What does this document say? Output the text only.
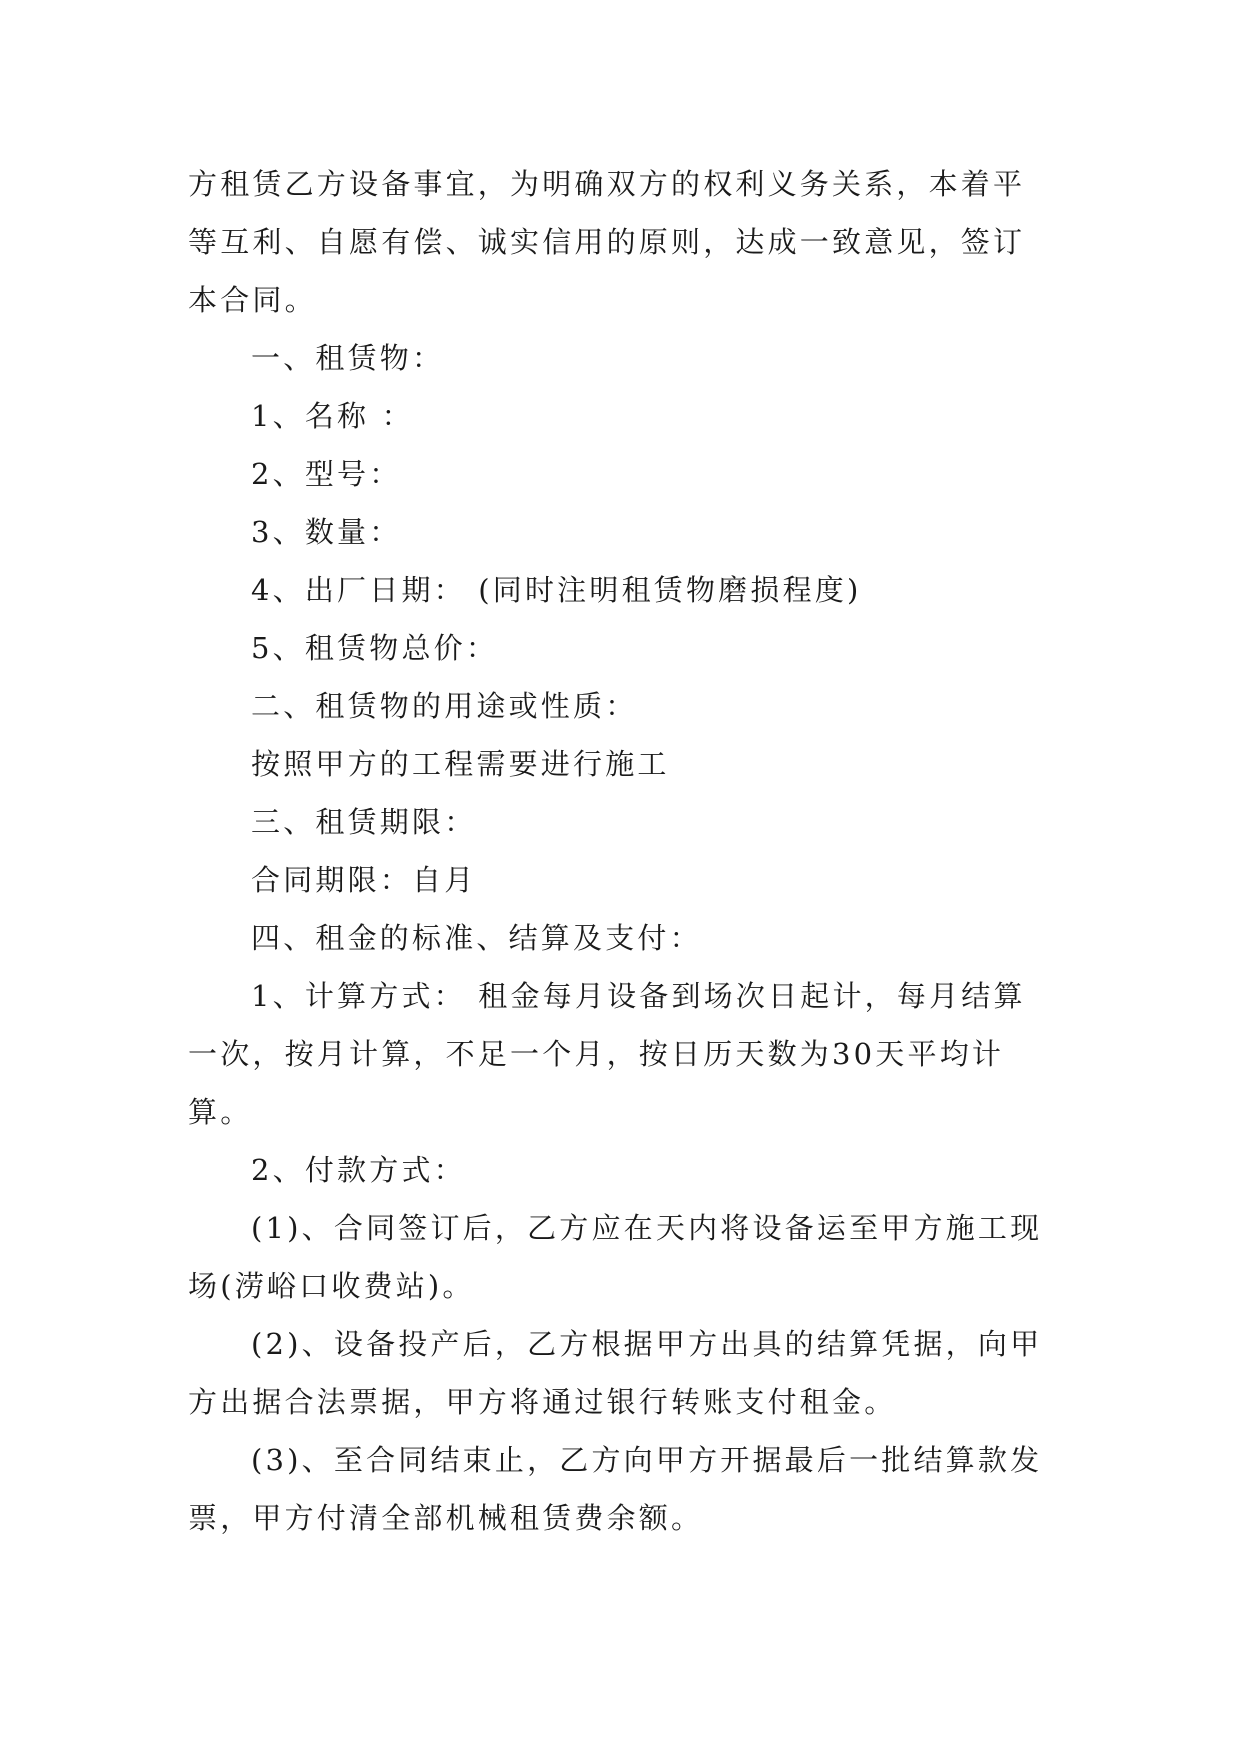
方租赁乙方设备事宜，为明确双方的权利义务关系，本着平等互利、自愿有偿、诚实信用的原则，达成一致意见，签订本合同。

一、租赁物：

1、名称 ：

2、型号：

3、数量：

4、出厂日期： (同时注明租赁物磨损程度)

5、租赁物总价：

二、租赁物的用途或性质：

按照甲方的工程需要进行施工

三、租赁期限：

合同期限：自月

四、租金的标准、结算及支付：

1、计算方式： 租金每月设备到场次日起计，每月结算一次，按月计算，不足一个月，按日历天数为30天平均计算。

2、付款方式：

(1)、合同签订后，乙方应在天内将设备运至甲方施工现场(涝峪口收费站)。

(2)、设备投产后，乙方根据甲方出具的结算凭据，向甲方出据合法票据，甲方将通过银行转账支付租金。

(3)、至合同结束止，乙方向甲方开据最后一批结算款发票，甲方付清全部机械租赁费余额。
